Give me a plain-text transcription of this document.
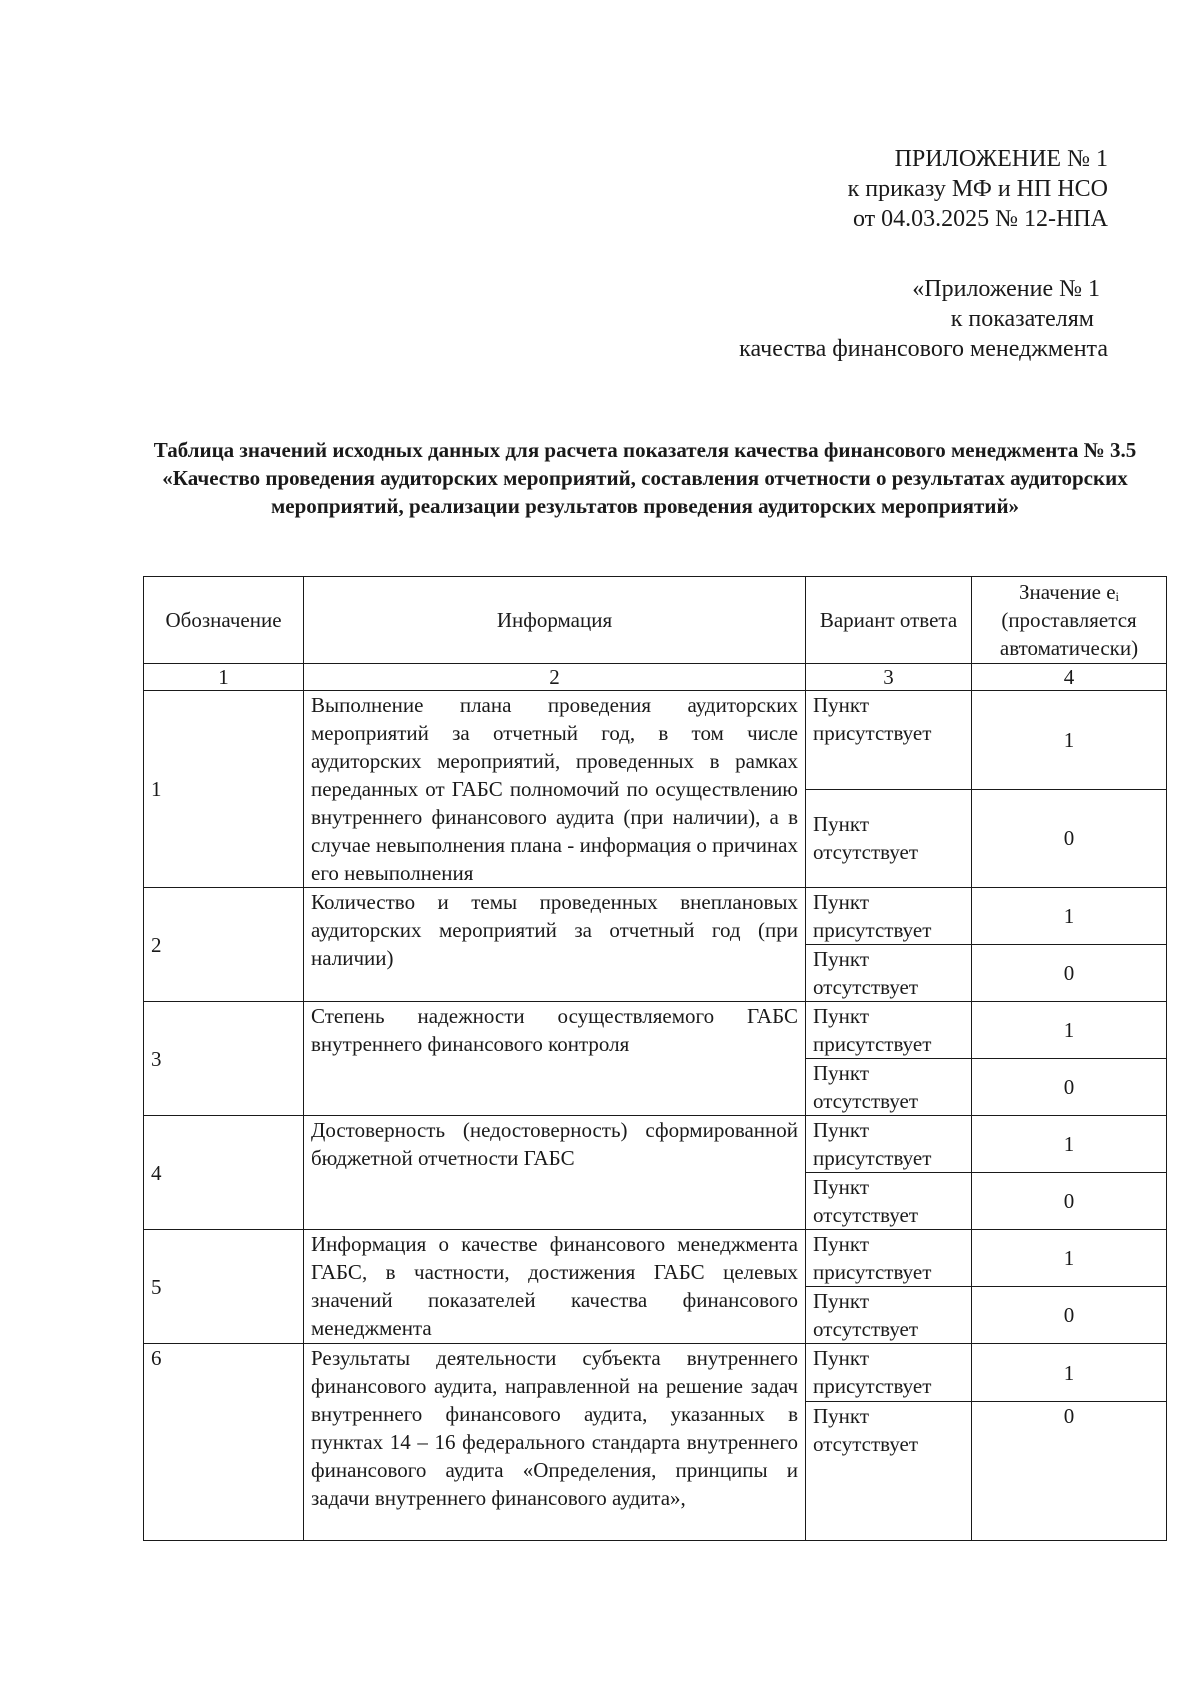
ПРИЛОЖЕНИЕ № 1
к приказу МФ и НП НСО
от 04.03.2025 № 12-НПА
«Приложение № 1
к показателям
качества финансового менеджмента
Таблица значений исходных данных для расчета показателя качества финансового менеджмента № 3.5 «Качество проведения аудиторских мероприятий, составления отчетности о результатах аудиторских мероприятий, реализации результатов проведения аудиторских мероприятий»
Обозначение	Информация	Вариант ответа	Значение eᵢ (проставляется автоматически)
1	2	3	4
1	Выполнение плана проведения аудиторских мероприятий за отчетный год, в том числе аудиторских мероприятий, проведенных в рамках переданных от ГАБС полномочий по осуществлению внутреннего финансового аудита (при наличии), а в случае невыполнения плана - информация о причинах его невыполнения	Пункт присутствует	1
		Пункт отсутствует	0
2	Количество и темы проведенных внеплановых аудиторских мероприятий за отчетный год (при наличии)	Пункт присутствует	1
		Пункт отсутствует	0
3	Степень надежности осуществляемого ГАБС внутреннего финансового контроля	Пункт присутствует	1
		Пункт отсутствует	0
4	Достоверность (недостоверность) сформированной бюджетной отчетности ГАБС	Пункт присутствует	1
		Пункт отсутствует	0
5	Информация о качестве финансового менеджмента ГАБС, в частности, достижения ГАБС целевых значений показателей качества финансового менеджмента	Пункт присутствует	1
		Пункт отсутствует	0
6	Результаты деятельности субъекта внутреннего финансового аудита, направленной на решение задач внутреннего финансового аудита, указанных в пунктах 14 – 16 федерального стандарта внутреннего финансового аудита «Определения, принципы и задачи внутреннего финансового аудита»,	Пункт присутствует	1
		Пункт отсутствует	0
